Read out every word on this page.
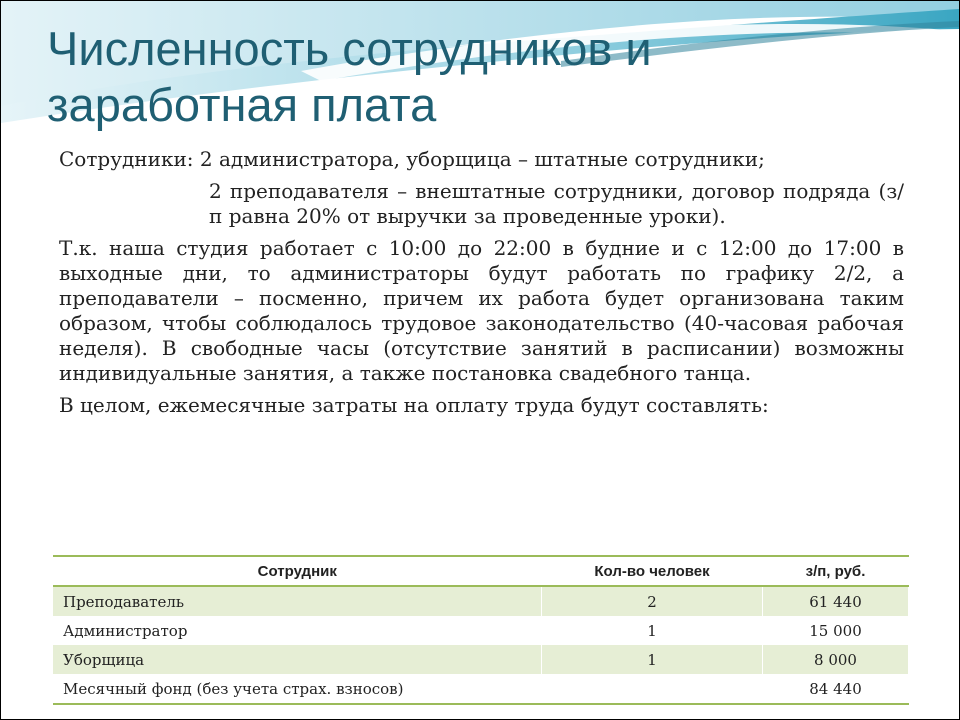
Численность сотрудников и заработная плата

Сотрудники: 2 администратора, уборщица – штатные сотрудники;

2 преподавателя – внештатные сотрудники, договор подряда (з/п равна 20% от выручки за проведенные уроки).

Т.к. наша студия работает с 10:00 до 22:00 в будние и с 12:00 до 17:00 в выходные дни, то администраторы будут работать по графику 2/2, а преподаватели – посменно, причем их работа будет организована таким образом, чтобы соблюдалось трудовое законодательство (40-часовая рабочая неделя). В свободные часы (отсутствие занятий в расписании) возможны индивидуальные занятия, а также постановка свадебного танца.

В целом, ежемесячные затраты на оплату труда будут составлять:

Сотрудник	Кол-во человек	з/п, руб.
Преподаватель	2	61 440
Администратор	1	15 000
Уборщица	1	8 000
Месячный фонд (без учета страх. взносов)		84 440
